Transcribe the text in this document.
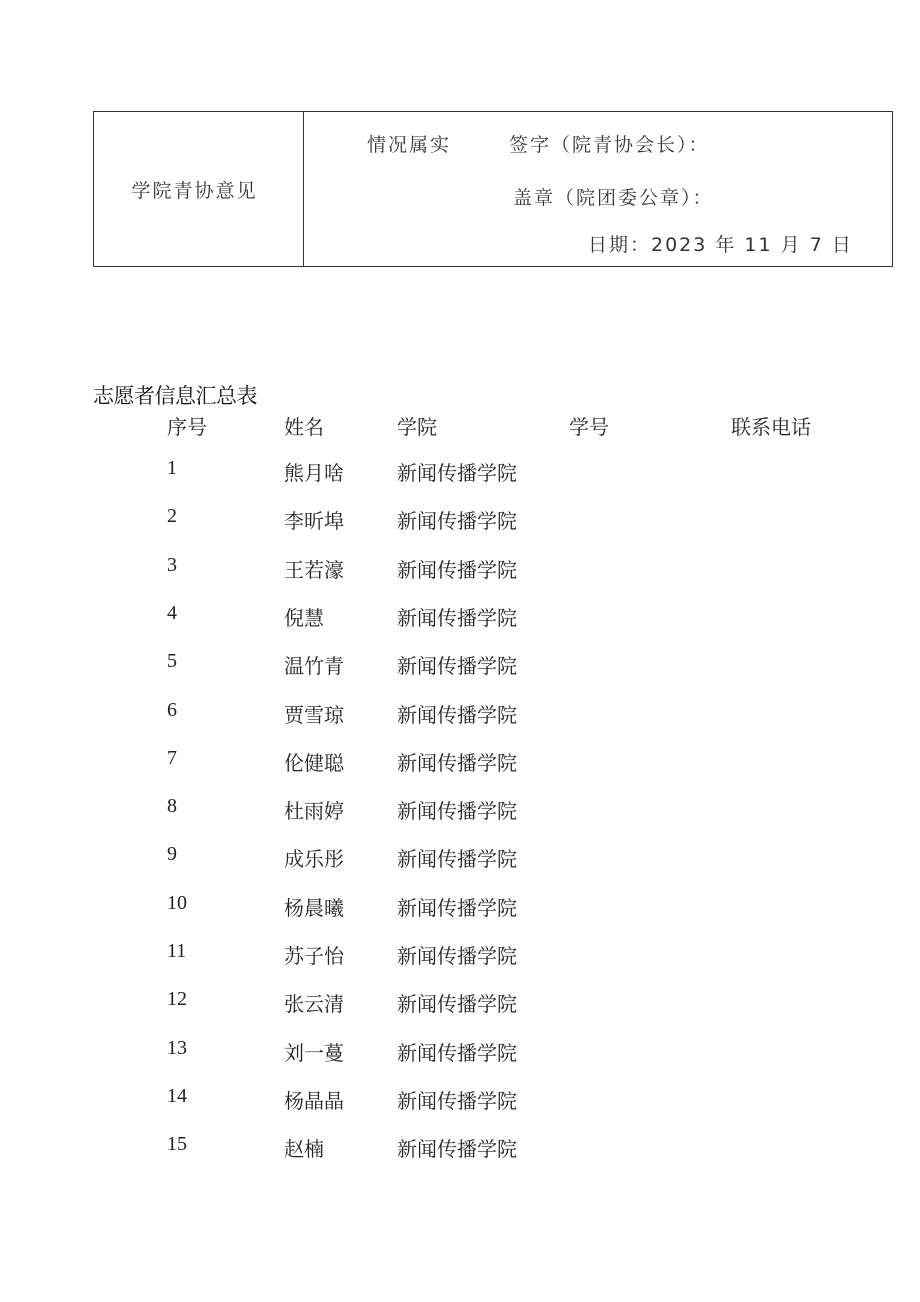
学院青协意见
情况属实	签字（院青协会长）：
盖章（院团委公章）：
日期：2023 年 11 月 7 日
志愿者信息汇总表
序号	姓名	学院	学号	联系电话
1	熊月啥	新闻传播学院
2	李昕埠	新闻传播学院
3	王若濠	新闻传播学院
4	倪慧	新闻传播学院
5	温竹青	新闻传播学院
6	贾雪琼	新闻传播学院
7	伦健聪	新闻传播学院
8	杜雨婷	新闻传播学院
9	成乐彤	新闻传播学院
10	杨晨曦	新闻传播学院
11	苏子怡	新闻传播学院
12	张云清	新闻传播学院
13	刘一蔓	新闻传播学院
14	杨晶晶	新闻传播学院
15	赵楠	新闻传播学院
